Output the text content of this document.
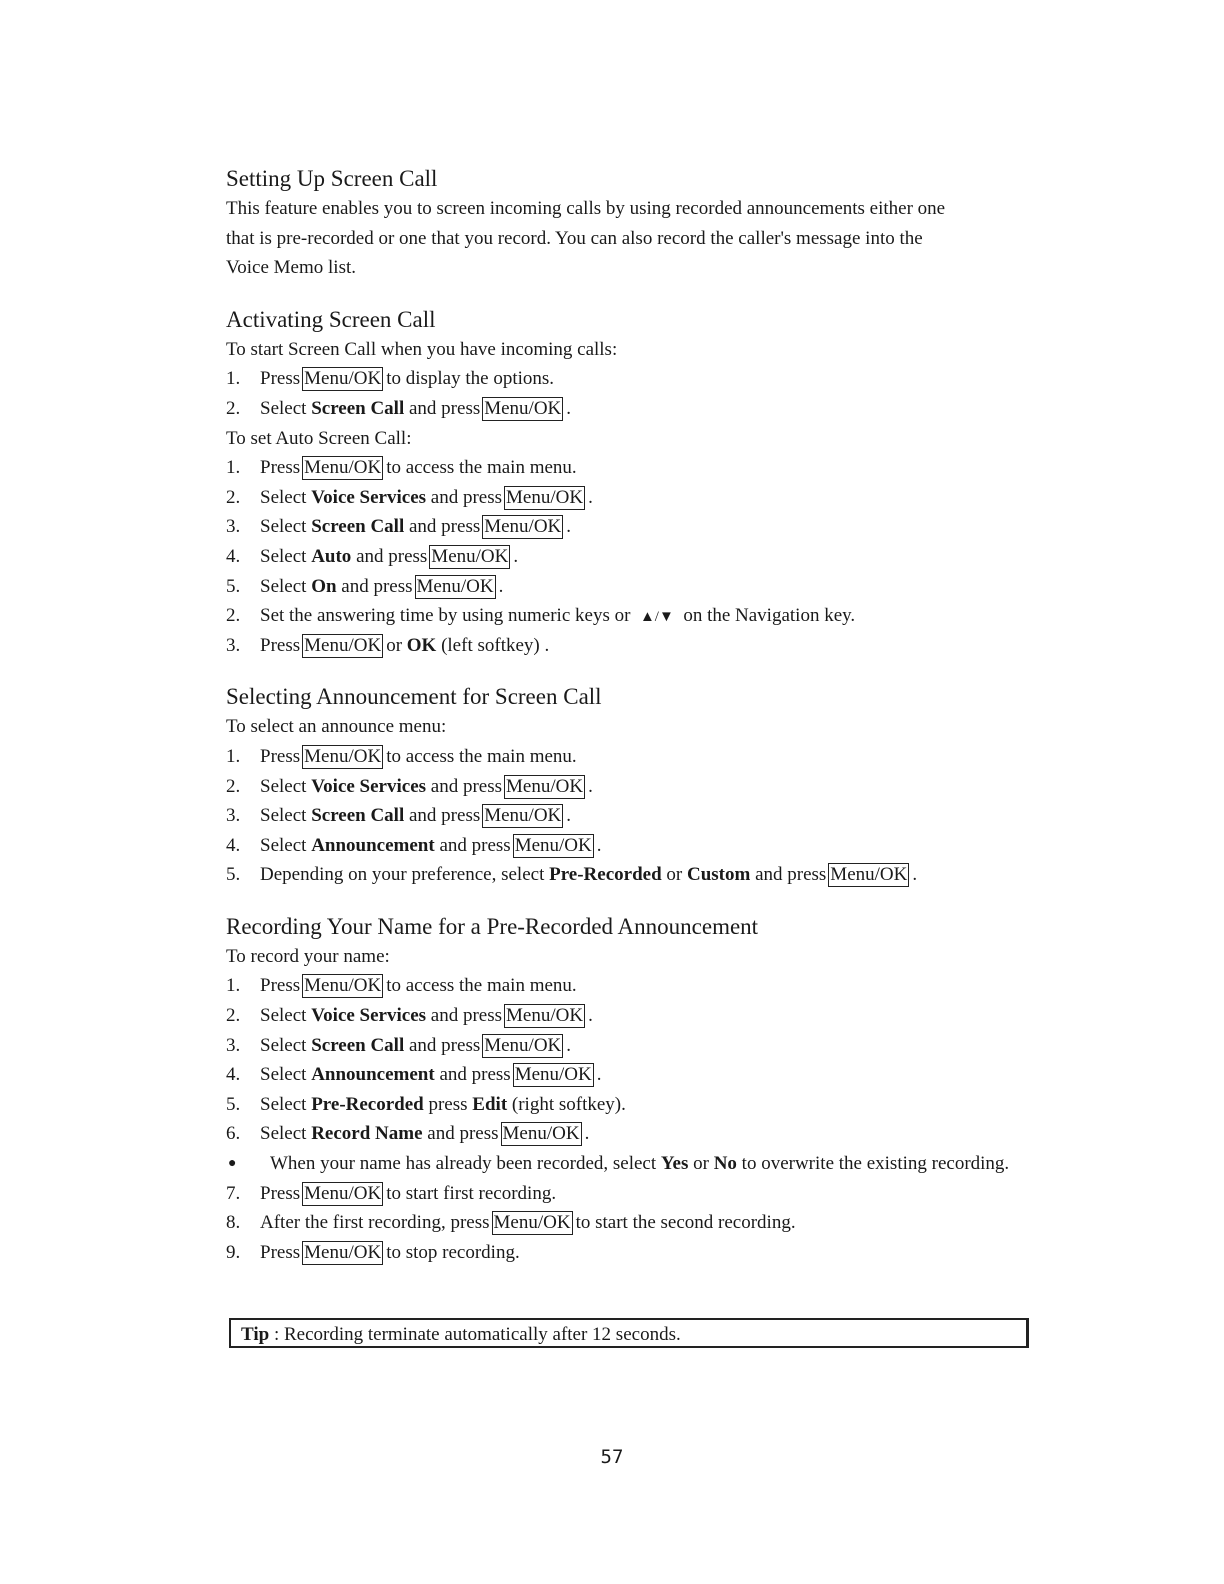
Setting Up Screen Call
This feature enables you to screen incoming calls by using recorded announcements either one
that is pre-recorded or one that you record. You can also record the caller's message into the
Voice Memo list.
Activating Screen Call
To start Screen Call when you have incoming calls:
1.	Press Menu/OK to display the options.
2.	Select
Screen Call
and press Menu/OK .
To set Auto Screen Call:
1.	Press Menu/OK to access the main menu.
2.	Select
Voice Services
and press Menu/OK .
3.	Select
Screen Call
and press Menu/OK .
4.	Select
Auto
and press Menu/OK .
5.	Select
On
and press Menu/OK .
2.	Set the answering time by using numeric keys or
▲/▼
on the Navigation key.
3.	Press Menu/OK or
OK
(left softkey) .
Selecting Announcement for Screen Call
To select an announce menu:
1.	Press Menu/OK to access the main menu.
2.	Select
Voice Services
and press Menu/OK .
3.	Select
Screen Call
and press Menu/OK .
4.	Select
Announcement
and press Menu/OK .
5.	Depending on your preference, select
Pre-Recorded
or
Custom
and press Menu/OK .
Recording Your Name for a Pre-Recorded Announcement
To record your name:
1.	Press Menu/OK to access the main menu.
2.	Select
Voice Services
and press Menu/OK .
3.	Select
Screen Call
and press Menu/OK .
4.	Select
Announcement
and press Menu/OK .
5.	Select
Pre-Recorded
press
Edit
(right softkey).
6.	Select
Record Name
and press Menu/OK .
●	When your name has already been recorded, select Yes or No to overwrite the existing recording.
7.	Press Menu/OK to start first recording.
8.	After the first recording, press Menu/OK to start the second recording.
9.	Press Menu/OK to stop recording.
Tip : Recording terminate automatically after 12 seconds.
57
